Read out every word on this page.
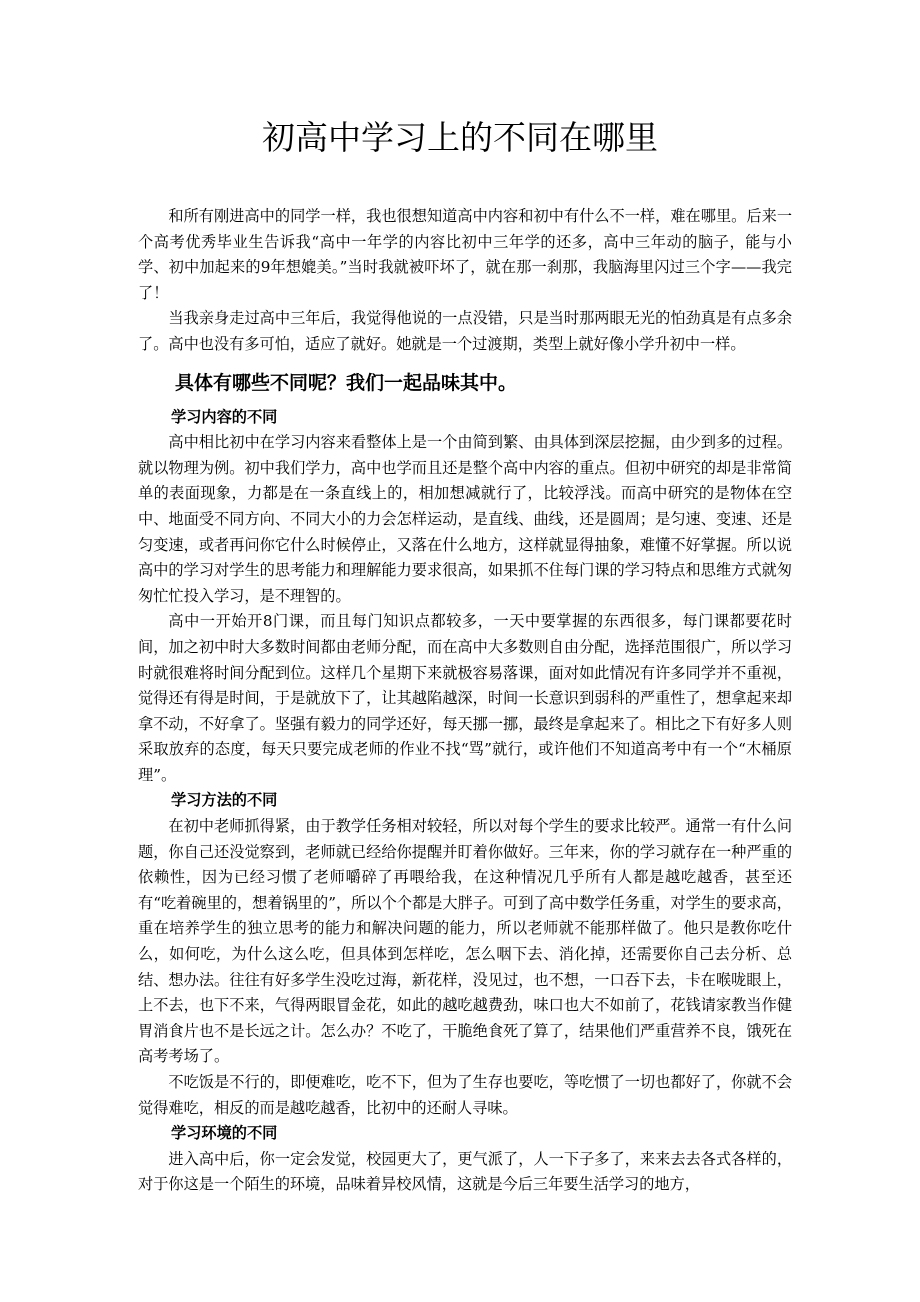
初高中学习上的不同在哪里

和所有刚进高中的同学一样，我也很想知道高中内容和初中有什么不一样，难在哪里。后来一个高考优秀毕业生告诉我“高中一年学的内容比初中三年学的还多，高中三年动的脑子，能与小学、初中加起来的9年想媲美。”当时我就被吓坏了，就在那一刹那，我脑海里闪过三个字——我完了！

当我亲身走过高中三年后，我觉得他说的一点没错，只是当时那两眼无光的怕劲真是有点多余了。高中也没有多可怕，适应了就好。她就是一个过渡期，类型上就好像小学升初中一样。

具体有哪些不同呢？我们一起品味其中。
学习内容的不同

高中相比初中在学习内容来看整体上是一个由简到繁、由具体到深层挖掘，由少到多的过程。就以物理为例。初中我们学力，高中也学而且还是整个高中内容的重点。但初中研究的却是非常简单的表面现象，力都是在一条直线上的，相加想减就行了，比较浮浅。而高中研究的是物体在空中、地面受不同方向、不同大小的力会怎样运动，是直线、曲线，还是圆周；是匀速、变速、还是匀变速，或者再问你它什么时候停止，又落在什么地方，这样就显得抽象，难懂不好掌握。所以说高中的学习对学生的思考能力和理解能力要求很高，如果抓不住每门课的学习特点和思维方式就匆匆忙忙投入学习，是不理智的。

高中一开始开8门课，而且每门知识点都较多，一天中要掌握的东西很多，每门课都要花时间，加之初中时大多数时间都由老师分配，而在高中大多数则自由分配，选择范围很广，所以学习时就很难将时间分配到位。这样几个星期下来就极容易落课，面对如此情况有许多同学并不重视，觉得还有得是时间，于是就放下了，让其越陷越深，时间一长意识到弱科的严重性了，想拿起来却拿不动，不好拿了。坚强有毅力的同学还好，每天挪一挪，最终是拿起来了。相比之下有好多人则采取放弃的态度，每天只要完成老师的作业不找“骂”就行，或许他们不知道高考中有一个“木桶原理”。

学习方法的不同

在初中老师抓得紧，由于教学任务相对较轻，所以对每个学生的要求比较严。通常一有什么问题，你自己还没觉察到，老师就已经给你提醒并盯着你做好。三年来，你的学习就存在一种严重的依赖性，因为已经习惯了老师嚼碎了再喂给我，在这种情况几乎所有人都是越吃越香，甚至还有“吃着碗里的，想着锅里的”，所以个个都是大胖子。可到了高中数学任务重，对学生的要求高，重在培养学生的独立思考的能力和解决问题的能力，所以老师就不能那样做了。他只是教你吃什么，如何吃，为什么这么吃，但具体到怎样吃，怎么咽下去、消化掉，还需要你自己去分析、总结、想办法。往往有好多学生没吃过海，新花样，没见过，也不想，一口吞下去，卡在喉咙眼上，上不去，也下不来，气得两眼冒金花，如此的越吃越费劲，味口也大不如前了，花钱请家教当作健胃消食片也不是长远之计。怎么办？不吃了，干脆绝食死了算了，结果他们严重营养不良，饿死在高考考场了。

不吃饭是不行的，即便难吃，吃不下，但为了生存也要吃，等吃惯了一切也都好了，你就不会觉得难吃，相反的而是越吃越香，比初中的还耐人寻味。

学习环境的不同

进入高中后，你一定会发觉，校园更大了，更气派了，人一下子多了，来来去去各式各样的，对于你这是一个陌生的环境，品味着异校风情，这就是今后三年要生活学习的地方，
